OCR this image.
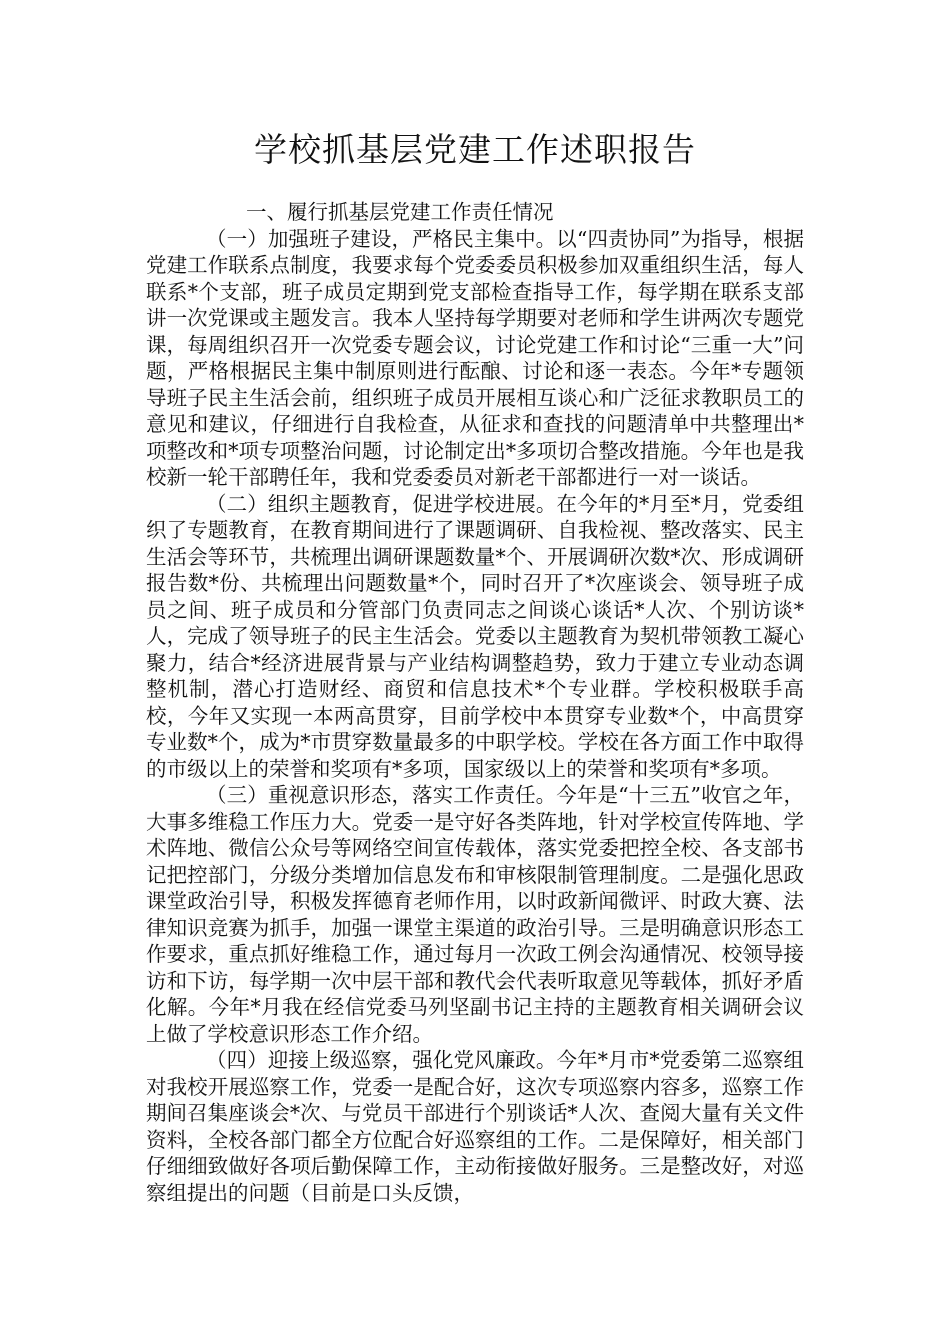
学校抓基层党建工作述职报告

一、履行抓基层党建工作责任情况

（一）加强班子建设，严格民主集中。以“四责协同”为指导，根据党建工作联系点制度，我要求每个党委委员积极参加双重组织生活，每人联系*个支部，班子成员定期到党支部检查指导工作，每学期在联系支部讲一次党课或主题发言。我本人坚持每学期要对老师和学生讲两次专题党课，每周组织召开一次党委专题会议，讨论党建工作和讨论“三重一大”问题，严格根据民主集中制原则进行酝酿、讨论和逐一表态。今年*专题领导班子民主生活会前，组织班子成员开展相互谈心和广泛征求教职员工的意见和建议，仔细进行自我检查，从征求和查找的问题清单中共整理出*项整改和*项专项整治问题，讨论制定出*多项切合整改措施。今年也是我校新一轮干部聘任年，我和党委委员对新老干部都进行一对一谈话。

（二）组织主题教育，促进学校进展。在今年的*月至*月，党委组织了专题教育，在教育期间进行了课题调研、自我检视、整改落实、民主生活会等环节，共梳理出调研课题数量*个、开展调研次数*次、形成调研报告数*份、共梳理出问题数量*个，同时召开了*次座谈会、领导班子成员之间、班子成员和分管部门负责同志之间谈心谈话*人次、个别访谈*人，完成了领导班子的民主生活会。党委以主题教育为契机带领教工凝心聚力，结合*经济进展背景与产业结构调整趋势，致力于建立专业动态调整机制，潜心打造财经、商贸和信息技术*个专业群。学校积极联手高校，今年又实现一本两高贯穿，目前学校中本贯穿专业数*个，中高贯穿专业数*个，成为*市贯穿数量最多的中职学校。学校在各方面工作中取得的市级以上的荣誉和奖项有*多项，国家级以上的荣誉和奖项有*多项。

（三）重视意识形态，落实工作责任。今年是“十三五”收官之年，大事多维稳工作压力大。党委一是守好各类阵地，针对学校宣传阵地、学术阵地、微信公众号等网络空间宣传载体，落实党委把控全校、各支部书记把控部门，分级分类增加信息发布和审核限制管理制度。二是强化思政课堂政治引导，积极发挥德育老师作用，以时政新闻微评、时政大赛、法律知识竞赛为抓手，加强一课堂主渠道的政治引导。三是明确意识形态工作要求，重点抓好维稳工作，通过每月一次政工例会沟通情况、校领导接访和下访，每学期一次中层干部和教代会代表听取意见等载体，抓好矛盾化解。今年*月我在经信党委马列坚副书记主持的主题教育相关调研会议上做了学校意识形态工作介绍。

（四）迎接上级巡察，强化党风廉政。今年*月市*党委第二巡察组对我校开展巡察工作，党委一是配合好，这次专项巡察内容多，巡察工作期间召集座谈会*次、与党员干部进行个别谈话*人次、查阅大量有关文件资料，全校各部门都全方位配合好巡察组的工作。二是保障好，相关部门仔细细致做好各项后勤保障工作，主动衔接做好服务。三是整改好，对巡察组提出的问题（目前是口头反馈，
